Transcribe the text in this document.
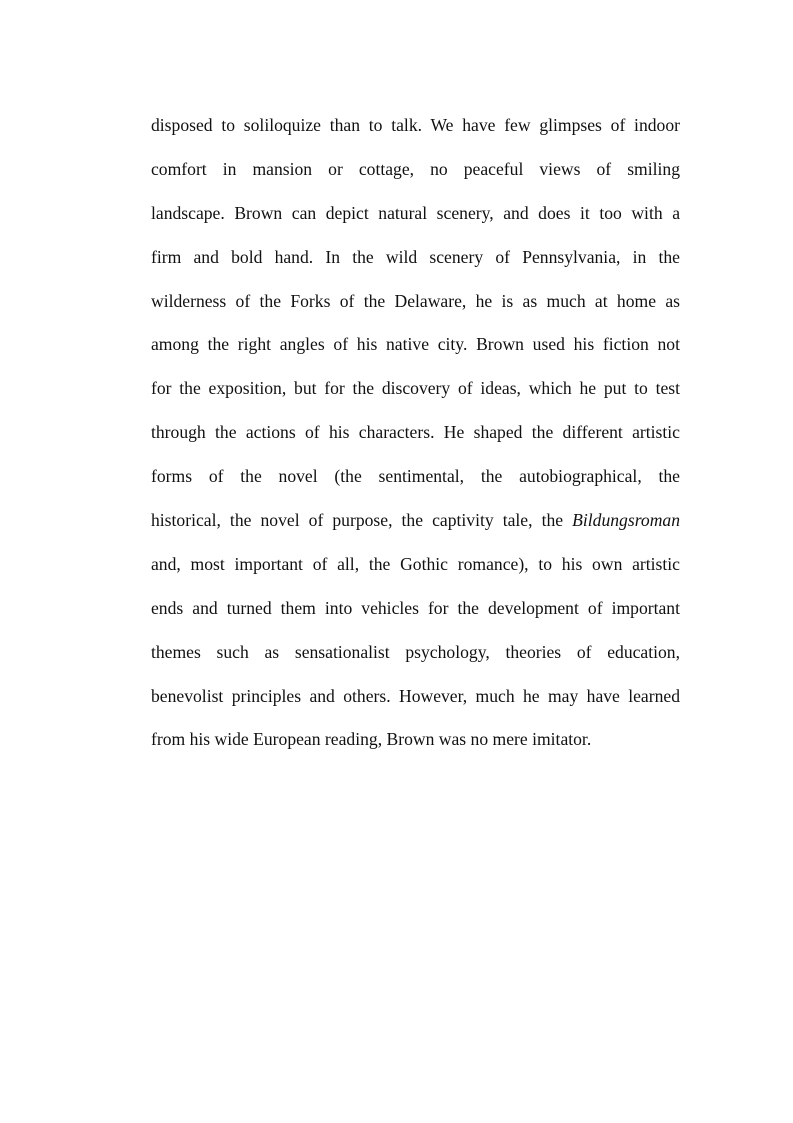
disposed to soliloquize than to talk. We have few glimpses of indoor
comfort in mansion or cottage, no peaceful views of smiling
landscape. Brown can depict natural scenery, and does it too with a
firm and bold hand. In the wild scenery of Pennsylvania, in the
wilderness of the Forks of the Delaware, he is as much at home as
among the right angles of his native city. Brown used his fiction not
for the exposition, but for the discovery of ideas, which he put to test
through the actions of his characters. He shaped the different artistic
forms of the novel (the sentimental, the autobiographical, the
historical, the novel of purpose, the captivity tale, the Bildungsroman
and, most important of all, the Gothic romance), to his own artistic
ends and turned them into vehicles for the development of important
themes such as sensationalist psychology, theories of education,
benevolist principles and others. However, much he may have learned
from his wide European reading, Brown was no mere imitator.
